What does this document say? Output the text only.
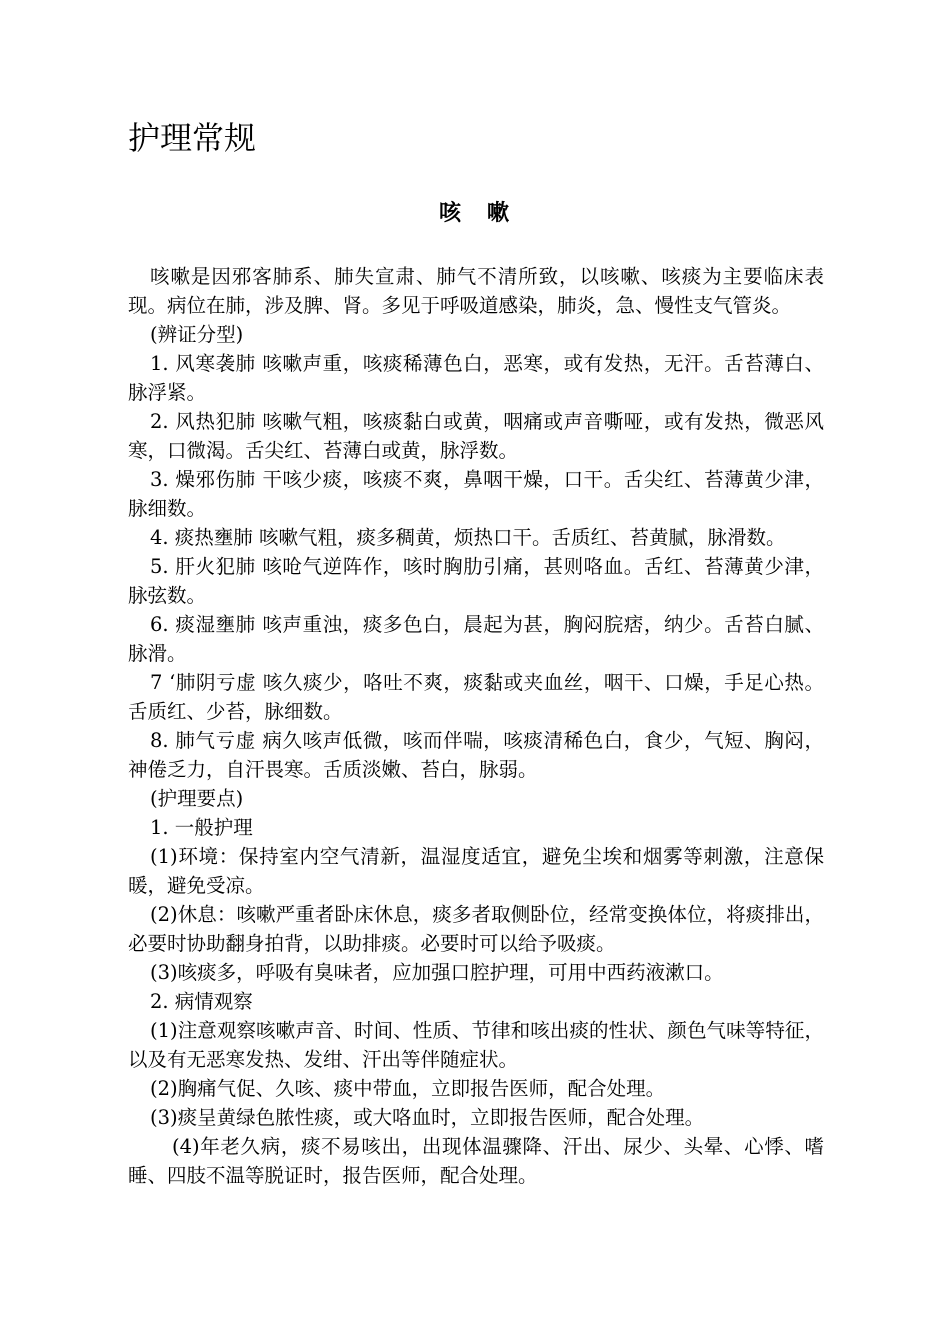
护理常规
咳　嗽

咳嗽是因邪客肺系、肺失宣肃、肺气不清所致，以咳嗽、咳痰为主要临床表现。病位在肺，涉及脾、肾。多见于呼吸道感染，肺炎，急、慢性支气管炎。

(辨证分型)

1. 风寒袭肺 咳嗽声重，咳痰稀薄色白，恶寒，或有发热，无汗。舌苔薄白、脉浮紧。

2. 风热犯肺 咳嗽气粗，咳痰黏白或黄，咽痛或声音嘶哑，或有发热，微恶风寒，口微渴。舌尖红、苔薄白或黄，脉浮数。

3. 燥邪伤肺 干咳少痰，咳痰不爽，鼻咽干燥，口干。舌尖红、苔薄黄少津，脉细数。

4. 痰热壅肺 咳嗽气粗，痰多稠黄，烦热口干。舌质红、苔黄腻，脉滑数。

5. 肝火犯肺 咳呛气逆阵作，咳时胸肋引痛，甚则咯血。舌红、苔薄黄少津，脉弦数。

6. 痰湿壅肺 咳声重浊，痰多色白，晨起为甚，胸闷脘痞，纳少。舌苔白腻、脉滑。

7 ‘肺阴亏虚 咳久痰少，咯吐不爽，痰黏或夹血丝，咽干、口燥，手足心热。舌质红、少苔，脉细数。

8. 肺气亏虚 病久咳声低微，咳而伴喘，咳痰清稀色白，食少，气短、胸闷，神倦乏力，自汗畏寒。舌质淡嫩、苔白，脉弱。

(护理要点)

1. 一般护理

(1)环境：保持室内空气清新，温湿度适宜，避免尘埃和烟雾等刺激，注意保暖，避免受凉。

(2)休息：咳嗽严重者卧床休息，痰多者取侧卧位，经常变换体位，将痰排出，必要时协助翻身拍背，以助排痰。必要时可以给予吸痰。

(3)咳痰多，呼吸有臭味者，应加强口腔护理，可用中西药液漱口。

2. 病情观察

(1)注意观察咳嗽声音、时间、性质、节律和咳出痰的性状、颜色气味等特征，以及有无恶寒发热、发绀、汗出等伴随症状。

(2)胸痛气促、久咳、痰中带血，立即报告医师，配合处理。

(3)痰呈黄绿色脓性痰，或大咯血时，立即报告医师，配合处理。

(4)年老久病，痰不易咳出，出现体温骤降、汗出、尿少、头晕、心悸、嗜睡、四肢不温等脱证时，报告医师，配合处理。
